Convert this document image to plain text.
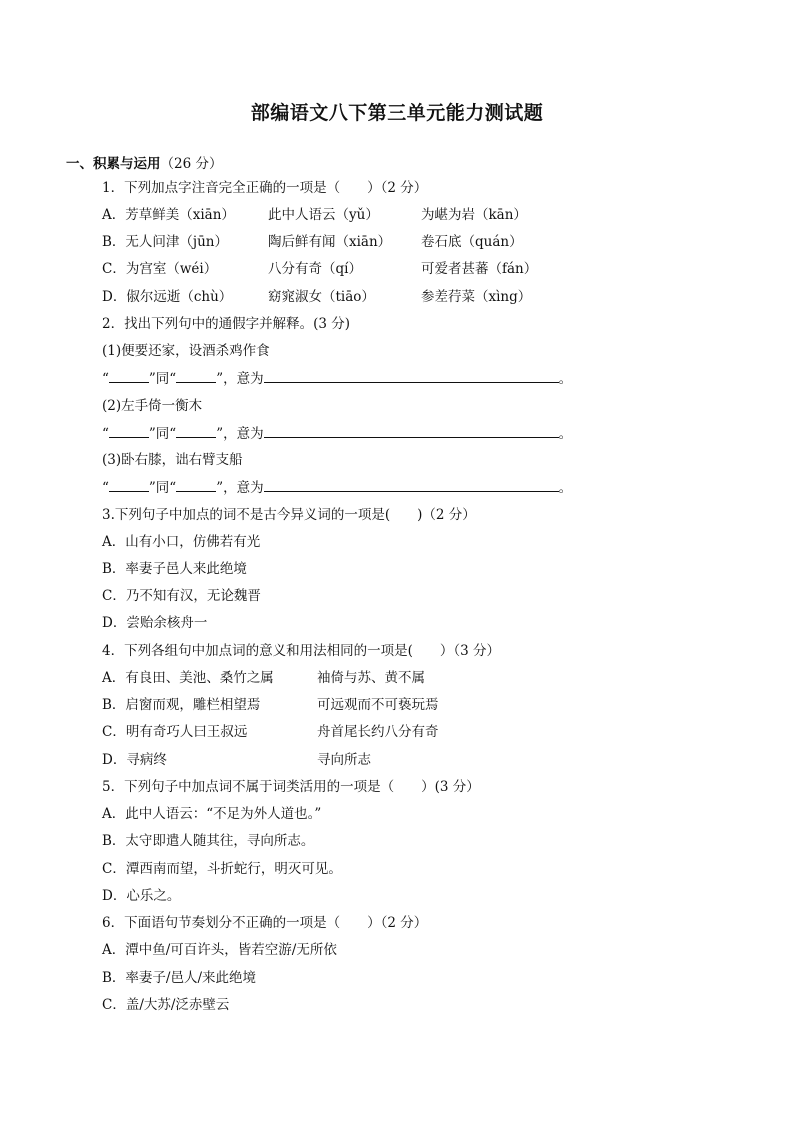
部编语文八下第三单元能力测试题
一、积累与运用（26 分）
1．下列加点字注音完全正确的一项是（　　）（2 分）
A．芳草鲜美（xiān） 此中人语云（yǔ）	为嵁为岩（kān）
B．无人问津（jūn）	陶后鲜有闻（xiān） 卷石底（quán）
C．为宫室（wéi）	八分有奇（qí）	可爱者甚蕃（fán）
D．俶尔远逝（chù）	窈窕淑女（tiāo）	参差荇菜（xìng）
2．找出下列句中的通假字并解释。(3 分)
(1)便要还家，设酒杀鸡作食
“	”同“	”，意为	。
(2)左手倚一衡木
“	”同“	”，意为	。
(3)卧右膝，诎右臂支船
“	”同“	”，意为	。
3.下列句子中加点的词不是古今异义词的一项是(　　)（2 分）
A．山有小口，仿佛若有光
B．率妻子邑人来此绝境
C．乃不知有汉，无论魏晋
D．尝贻余核舟一
4．下列各组句中加点词的意义和用法相同的一项是(　　）（3 分）
A．有良田、美池、桑竹之属	袖倚与苏、黄不属
B．启窗而观，雕栏相望焉	可远观而不可亵玩焉
C．明有奇巧人曰王叔远	舟首尾长约八分有奇
D．寻病终	寻向所志
5．下列句子中加点词不属于词类活用的一项是（　　）(3 分）
A．此中人语云：“不足为外人道也。”
B．太守即遣人随其往，寻向所志。
C．潭西南而望，斗折蛇行，明灭可见。
D．心乐之。
6．下面语句节奏划分不正确的一项是（　　）（2 分）
A．潭中鱼/可百许头，皆若空游/无所依
B．率妻子/邑人/来此绝境
C．盖/大苏/泛赤壁云
